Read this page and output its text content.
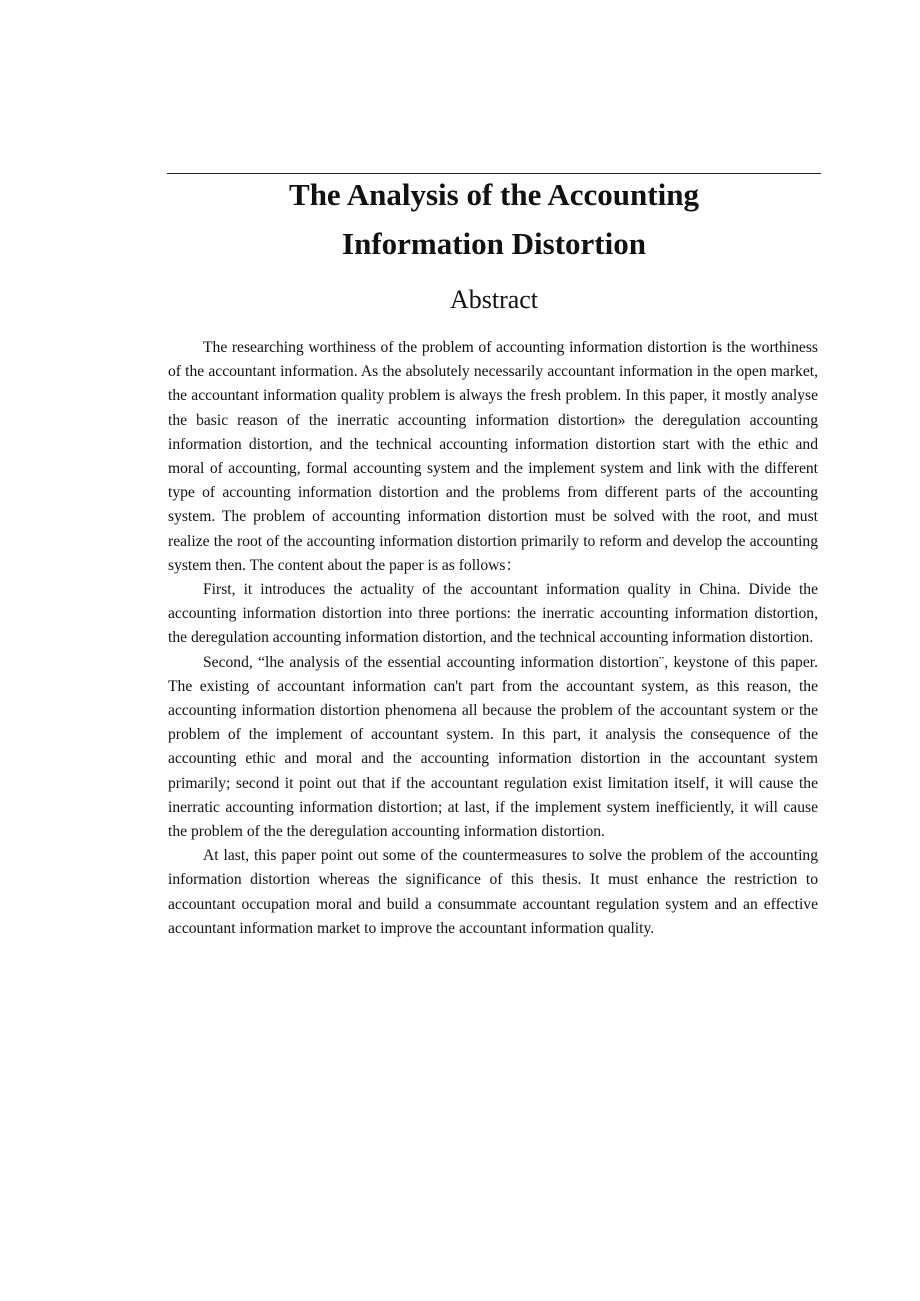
The Analysis of the Accounting
Information Distortion
Abstract

The researching worthiness of the problem of accounting information distortion is the worthiness of the accountant information. As the absolutely necessarily accountant information in the open market, the accountant information quality problem is always the fresh problem. In this paper, it mostly analyse the basic reason of the inerratic accounting information distortion» the deregulation accounting information distortion, and the technical accounting information distortion start with the ethic and moral of accounting, formal accounting system and the implement system and link with the different type of accounting information distortion and the problems from different parts of the accounting system. The problem of accounting information distortion must be solved with the root, and must realize the root of the accounting information distortion primarily to reform and develop the accounting system then. The content about the paper is as follows：

First, it introduces the actuality of the accountant information quality in China. Divide the accounting information distortion into three portions: the inerratic accounting information distortion, the deregulation accounting information distortion, and the technical accounting information distortion.

Second, “lhe analysis of the essential accounting information distortion¨, keystone of this paper. The existing of accountant information can't part from the accountant system, as this reason, the accounting information distortion phenomena all because the problem of the accountant system or the problem of the implement of accountant system. In this part, it analysis the consequence of the accounting ethic and moral and the accounting information distortion in the accountant system primarily; second it point out that if the accountant regulation exist limitation itself, it will cause the inerratic accounting information distortion; at last, if the implement system inefficiently, it will cause the problem of the the deregulation accounting information distortion.

At last, this paper point out some of the countermeasures to solve the problem of the accounting information distortion whereas the significance of this thesis. It must enhance the restriction to accountant occupation moral and build a consummate accountant regulation system and an effective accountant information market to improve the accountant information quality.
